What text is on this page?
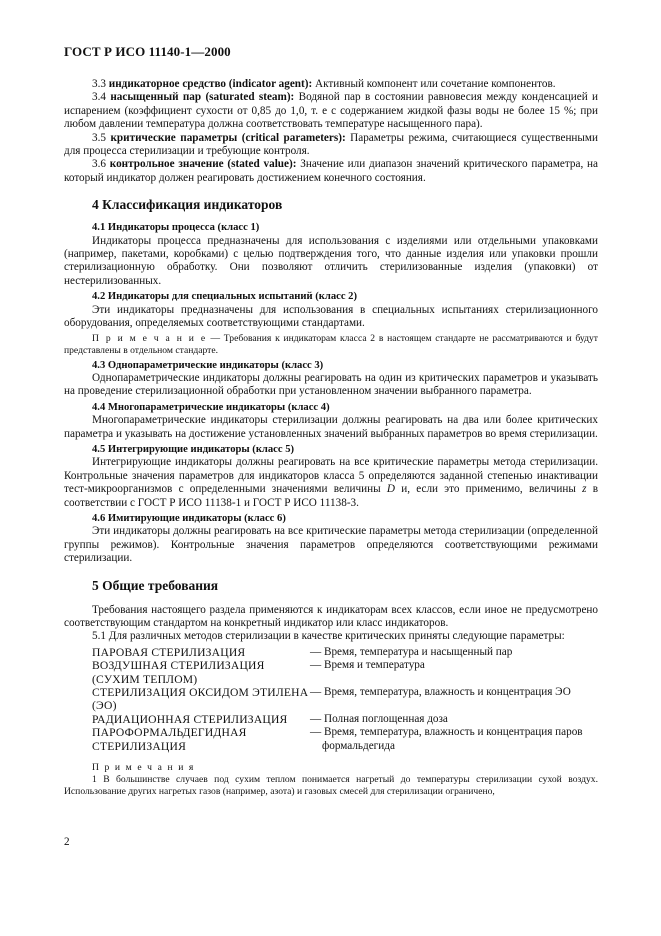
ГОСТ Р ИСО 11140-1—2000

3.3 индикаторное средство (indicator agent): Активный компонент или сочетание компонентов.

3.4 насыщенный пар (saturated steam): Водяной пар в состоянии равновесия между конденсацией и испарением (коэффициент сухости от 0,85 до 1,0, т. е с содержанием жидкой фазы воды не более 15 %; при любом давлении температура должна соответствовать температуре насыщенного пара).

3.5 критические параметры (critical parameters): Параметры режима, считающиеся существенными для процесса стерилизации и требующие контроля.

3.6 контрольное значение (stated value): Значение или диапазон значений критического параметра, на который индикатор должен реагировать достижением конечного состояния.

4 Классификация индикаторов
4.1 Индикаторы процесса (класс 1)

Индикаторы процесса предназначены для использования с изделиями или отдельными упаковками (например, пакетами, коробками) с целью подтверждения того, что данные изделия или упаковки прошли стерилизационную обработку. Они позволяют отличить стерилизованные изделия (упаковки) от нестерилизованных.

4.2 Индикаторы для специальных испытаний (класс 2)

Эти индикаторы предназначены для использования в специальных испытаниях стерилизационного оборудования, определяемых соответствующими стандартами.

П р и м е ч а н и е — Требования к индикаторам класса 2 в настоящем стандарте не рассматриваются и будут представлены в отдельном стандарте.

4.3 Однопараметрические индикаторы (класс 3)

Однопараметрические индикаторы должны реагировать на один из критических параметров и указывать на проведение стерилизационной обработки при установленном значении выбранного параметра.

4.4 Многопараметрические индикаторы (класс 4)

Многопараметрические индикаторы стерилизации должны реагировать на два или более критических параметра и указывать на достижение установленных значений выбранных параметров во время стерилизации.

4.5 Интегрирующие индикаторы (класс 5)

Интегрирующие индикаторы должны реагировать на все критические параметры метода стерилизации. Контрольные значения параметров для индикаторов класса 5 определяются заданной степенью инактивации тест-микроорганизмов с определенными значениями величины D и, если это применимо, величины z в соответствии с ГОСТ Р ИСО 11138-1 и ГОСТ Р ИСО 11138-3.

4.6 Имитирующие индикаторы (класс 6)

Эти индикаторы должны реагировать на все критические параметры метода стерилизации (определенной группы режимов). Контрольные значения параметров определяются соответствующими режимами стерилизации.

5 Общие требования

Требования настоящего раздела применяются к индикаторам всех классов, если иное не предусмотрено соответствующим стандартом на конкретный индикатор или класс индикаторов.

5.1 Для различных методов стерилизации в качестве критических приняты следующие параметры:

ПАРОВАЯ СТЕРИЛИЗАЦИЯ	— Время, температура и насыщенный пар
ВОЗДУШНАЯ СТЕРИЛИЗАЦИЯ (СУХИМ ТЕПЛОМ)
— Время и температура
СТЕРИЛИЗАЦИЯ ОКСИДОМ ЭТИЛЕНА (ЭО)
— Время, температура, влажность и концентрация ЭО
РАДИАЦИОННАЯ СТЕРИЛИЗАЦИЯ	— Полная поглощенная доза
ПАРОФОРМАЛЬДЕГИДНАЯ СТЕРИЛИЗАЦИЯ
— Время, температура, влажность и концентрация паров формальдегида
П р и м е ч а н и я

1 В большинстве случаев под сухим теплом понимается нагретый до температуры стерилизации сухой воздух. Использование других нагретых газов (например, азота) и газовых смесей для стерилизации ограничено,

2
